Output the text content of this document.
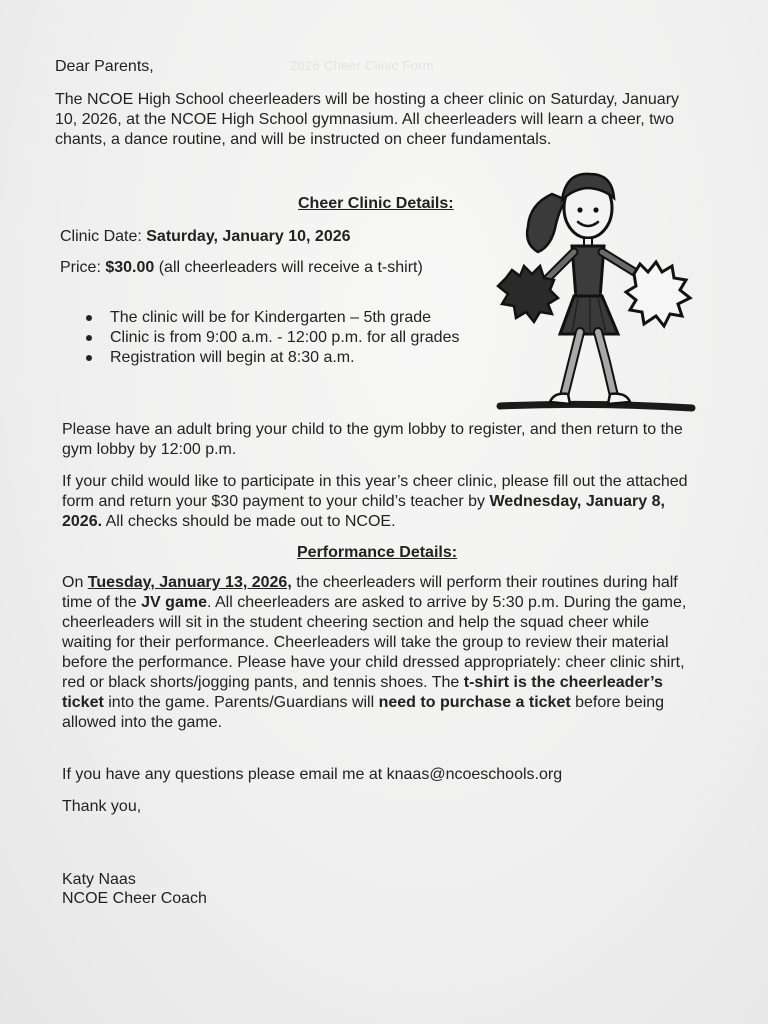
2026 Cheer Clinic Form

Dear Parents,

The NCOE High School cheerleaders will be hosting a cheer clinic on Saturday, January 10, 2026, at the NCOE High School gymnasium. All cheerleaders will learn a cheer, two chants, a dance routine, and will be instructed on cheer fundamentals.

Cheer Clinic Details:

Clinic Date: Saturday, January 10, 2026

Price: $30.00 (all cheerleaders will receive a t-shirt)

The clinic will be for Kindergarten – 5th grade
Clinic is from 9:00 a.m. - 12:00 p.m. for all grades
Registration will begin at 8:30 a.m.

Please have an adult bring your child to the gym lobby to register, and then return to the gym lobby by 12:00 p.m.

If your child would like to participate in this year’s cheer clinic, please fill out the attached form and return your $30 payment to your child’s teacher by Wednesday, January 8, 2026. All checks should be made out to NCOE.

Performance Details:

On Tuesday, January 13, 2026, the cheerleaders will perform their routines during half time of the JV game. All cheerleaders are asked to arrive by 5:30 p.m. During the game, cheerleaders will sit in the student cheering section and help the squad cheer while waiting for their performance. Cheerleaders will take the group to review their material before the performance. Please have your child dressed appropriately: cheer clinic shirt, red or black shorts/jogging pants, and tennis shoes. The t-shirt is the cheerleader’s ticket into the game. Parents/Guardians will need to purchase a ticket before being allowed into the game.

If you have any questions please email me at knaas@ncoeschools.org

Thank you,

Katy Naas

NCOE Cheer Coach
